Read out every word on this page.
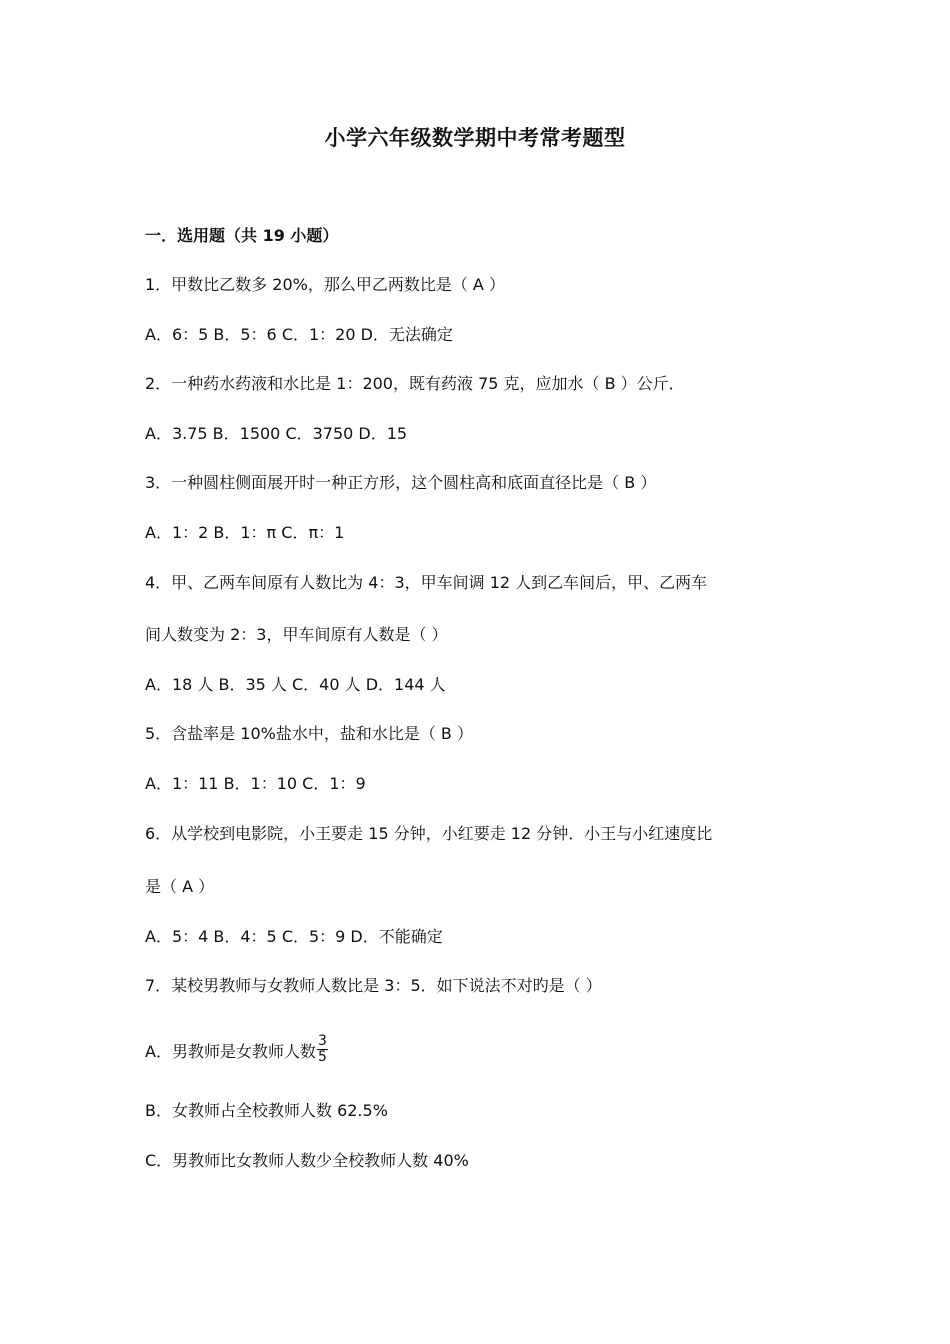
小学六年级数学期中考常考题型
一．选用题（共 19 小题）
1．甲数比乙数多 20%，那么甲乙两数比是（ A ）
A．6：5 B．5：6 C．1：20 D．无法确定
2．一种药水药液和水比是 1：200，既有药液 75 克，应加水（ B ）公斤．
A．3.75 B．1500 C．3750 D．15
3．一种圆柱侧面展开时一种正方形，这个圆柱高和底面直径比是（ B ）
A．1：2 B．1：π C．π：1
4．甲、乙两车间原有人数比为 4：3，甲车间调 12 人到乙车间后，甲、乙两车
间人数变为 2：3，甲车间原有人数是（ ）
A．18 人 B．35 人 C．40 人 D．144 人
5．含盐率是 10%盐水中，盐和水比是（ B ）
A．1：11 B．1：10 C．1：9
6．从学校到电影院，小王要走 15 分钟，小红要走 12 分钟．小王与小红速度比
是（ A ）
A．5：4 B．4：5 C．5：9 D．不能确定
7．某校男教师与女教师人数比是 3：5．如下说法不对旳是（ ）
A．男教师是女教师人数 $\frac{3}{5}$
B．女教师占全校教师人数 62.5%
C．男教师比女教师人数少全校教师人数 40%
